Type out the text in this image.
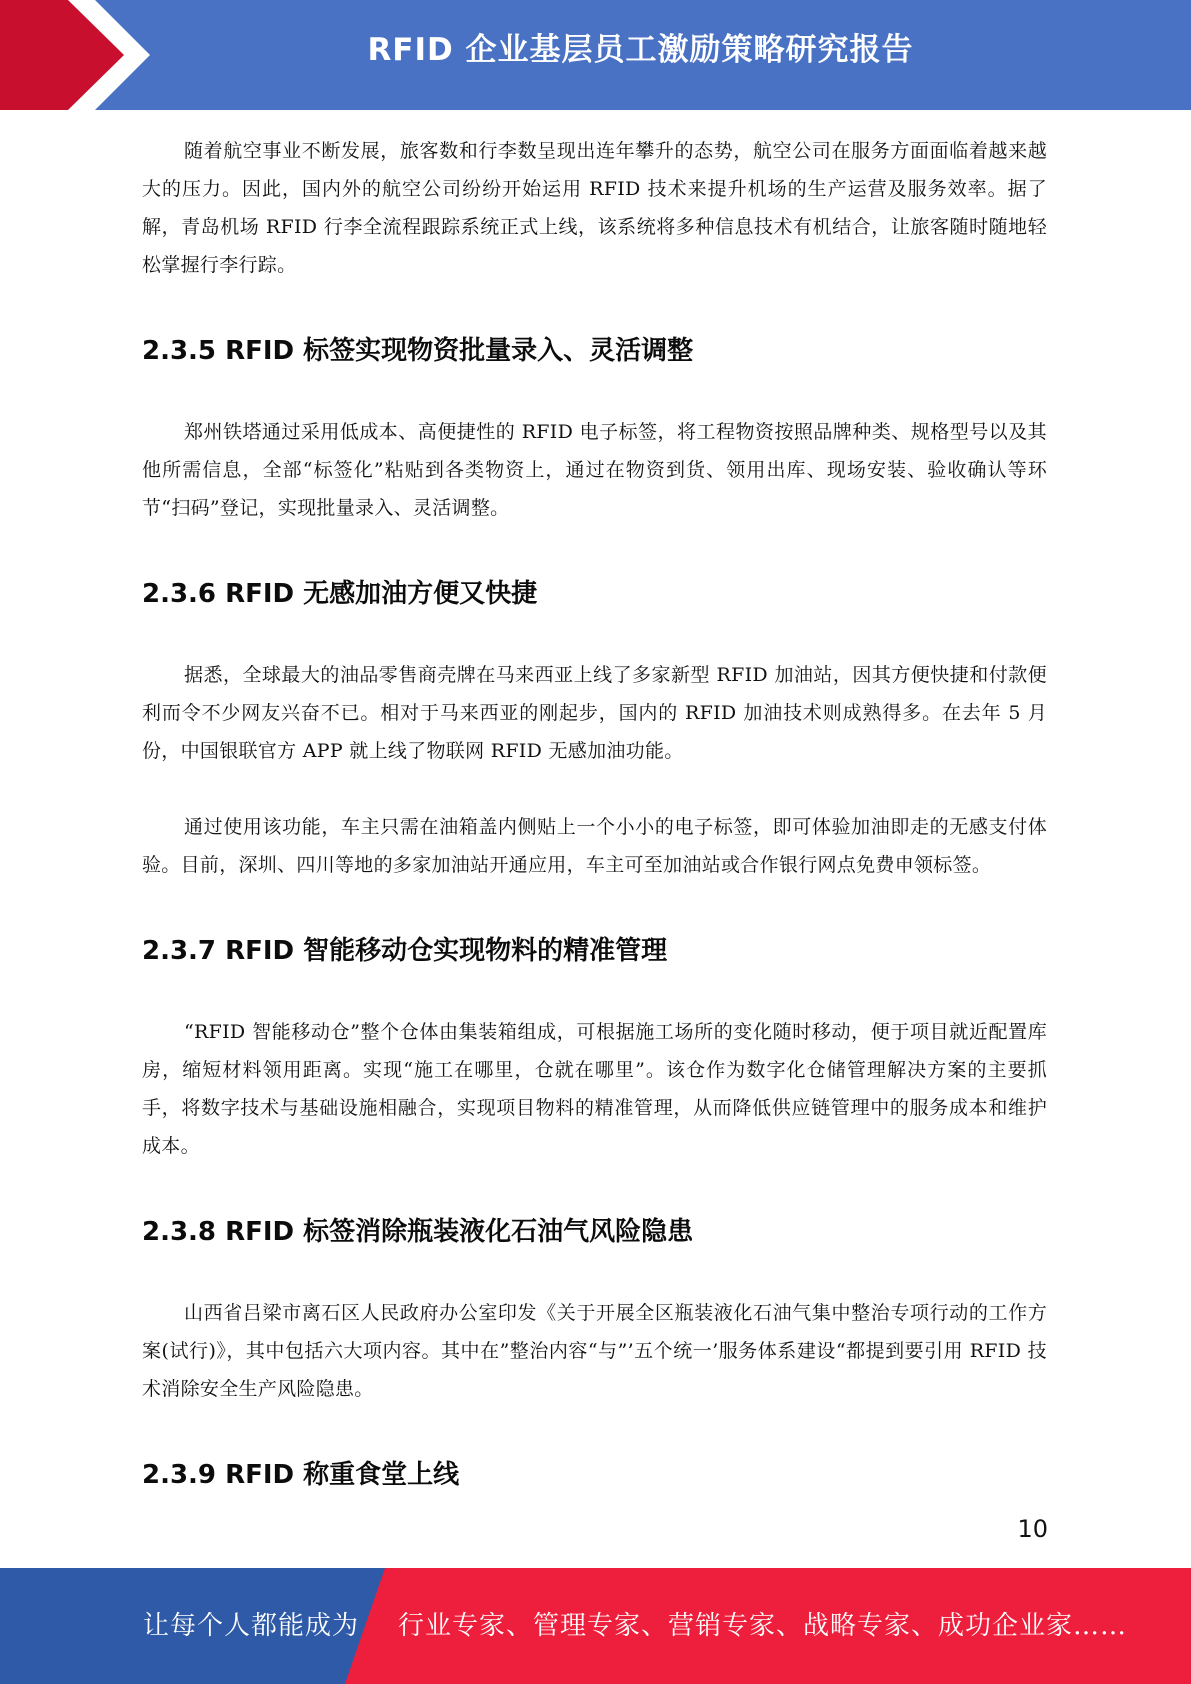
RFID 企业基层员工激励策略研究报告

随着航空事业不断发展，旅客数和行李数呈现出连年攀升的态势，航空公司在服务方面面临着越来越大的压力。因此，国内外的航空公司纷纷开始运用 RFID 技术来提升机场的生产运营及服务效率。据了解，青岛机场 RFID 行李全流程跟踪系统正式上线，该系统将多种信息技术有机结合，让旅客随时随地轻松掌握行李行踪。

2.3.5 RFID 标签实现物资批量录入、灵活调整

郑州铁塔通过采用低成本、高便捷性的 RFID 电子标签，将工程物资按照品牌种类、规格型号以及其他所需信息，全部“标签化”粘贴到各类物资上，通过在物资到货、领用出库、现场安装、验收确认等环节“扫码”登记，实现批量录入、灵活调整。

2.3.6 RFID 无感加油方便又快捷

据悉，全球最大的油品零售商壳牌在马来西亚上线了多家新型 RFID 加油站，因其方便快捷和付款便利而令不少网友兴奋不已。相对于马来西亚的刚起步，国内的 RFID 加油技术则成熟得多。在去年 5 月份，中国银联官方 APP 就上线了物联网 RFID 无感加油功能。

通过使用该功能，车主只需在油箱盖内侧贴上一个小小的电子标签，即可体验加油即走的无感支付体验。目前，深圳、四川等地的多家加油站开通应用，车主可至加油站或合作银行网点免费申领标签。

2.3.7 RFID 智能移动仓实现物料的精准管理

“RFID 智能移动仓”整个仓体由集装箱组成，可根据施工场所的变化随时移动，便于项目就近配置库房，缩短材料领用距离。实现“施工在哪里，仓就在哪里”。该仓作为数字化仓储管理解决方案的主要抓手，将数字技术与基础设施相融合，实现项目物料的精准管理，从而降低供应链管理中的服务成本和维护成本。

2.3.8 RFID 标签消除瓶装液化石油气风险隐患

山西省吕梁市离石区人民政府办公室印发《关于开展全区瓶装液化石油气集中整治专项行动的工作方案(试行)》，其中包括六大项内容。其中在”整治内容“与”’五个统一’服务体系建设“都提到要引用 RFID 技术消除安全生产风险隐患。

2.3.9 RFID 称重食堂上线
10
让每个人都能成为 行业专家、管理专家、营销专家、战略专家、成功企业家……
